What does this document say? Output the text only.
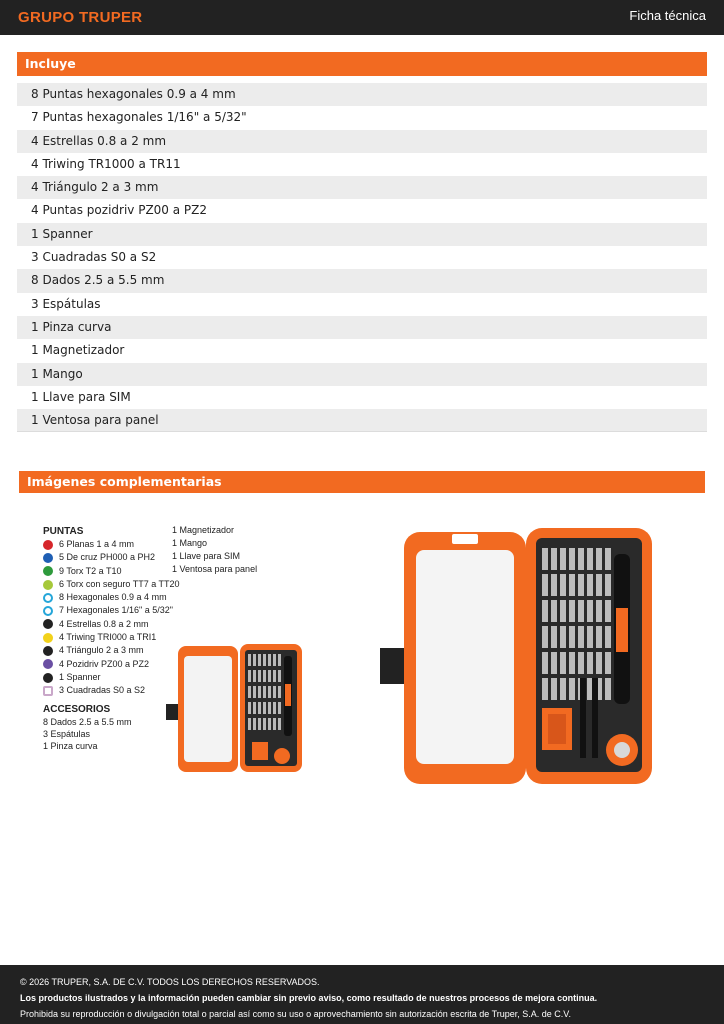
GRUPO TRUPER	Ficha técnica
Incluye
8 Puntas hexagonales 0.9 a 4 mm
7 Puntas hexagonales 1/16" a 5/32"
4 Estrellas 0.8 a 2 mm
4 Triwing TR1000 a TR11
4 Triángulo 2 a 3 mm
4 Puntas pozidriv PZ00 a PZ2
1 Spanner
3 Cuadradas S0 a S2
8 Dados 2.5 a 5.5 mm
3 Espátulas
1 Pinza curva
1 Magnetizador
1 Mango
1 Llave para SIM
1 Ventosa para panel
Imágenes complementarias
PUNTAS
6 Planas 1 a 4 mm
5 De cruz PH000 a PH2
9 Torx T2 a T10
6 Torx con seguro TT7 a TT20
8 Hexagonales 0.9 a 4 mm
7 Hexagonales 1/16" a 5/32"
4 Estrellas 0.8 a 2 mm
4 Triwing TRI000 a TRI1
4 Triángulo 2 a 3 mm
4 Pozidriv PZ00 a PZ2
1 Spanner
3 Cuadradas S0 a S2
ACCESORIOS
8 Dados 2.5 a 5.5 mm
3 Espátulas
1 Pinza curva
1 Magnetizador
1 Mango
1 Llave para SIM
1 Ventosa para panel
© 2026 TRUPER, S.A. DE C.V. TODOS LOS DERECHOS RESERVADOS.
Los productos ilustrados y la información pueden cambiar sin previo aviso, como resultado de nuestros procesos de mejora continua.
Prohibida su reproducción o divulgación total o parcial así como su uso o aprovechamiento sin autorización escrita de Truper, S.A. de C.V.
